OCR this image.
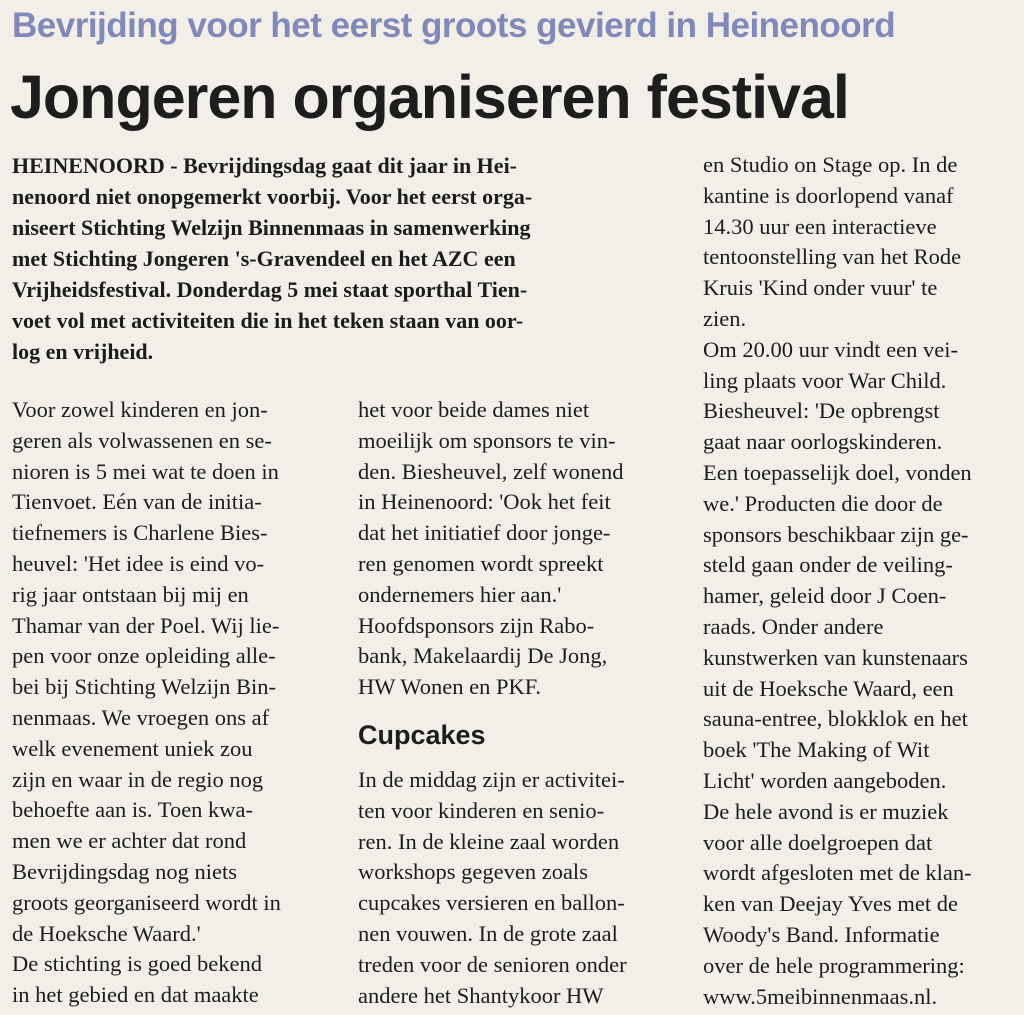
Bevrijding voor het eerst groots gevierd in Heinenoord
Jongeren organiseren festival

HEINENOORD - Bevrijdingsdag gaat dit jaar in Hei-
nenoord niet onopgemerkt voorbij. Voor het eerst orga-
niseert Stichting Welzijn Binnenmaas in samenwerking
met Stichting Jongeren 's-Gravendeel en het AZC een
Vrijheidsfestival. Donderdag 5 mei staat sporthal Tien-
voet vol met activiteiten die in het teken staan van oor-
log en vrijheid.

Voor zowel kinderen en jon-
geren als volwassenen en se-
nioren is 5 mei wat te doen in
Tienvoet. Eén van de initia-
tiefnemers is Charlene Bies-
heuvel: 'Het idee is eind vo-
rig jaar ontstaan bij mij en
Thamar van der Poel. Wij lie-
pen voor onze opleiding alle-
bei bij Stichting Welzijn Bin-
nenmaas. We vroegen ons af
welk evenement uniek zou
zijn en waar in de regio nog
behoefte aan is. Toen kwa-
men we er achter dat rond
Bevrijdingsdag nog niets
groots georganiseerd wordt in
de Hoeksche Waard.'
De stichting is goed bekend
in het gebied en dat maakte

het voor beide dames niet
moeilijk om sponsors te vin-
den. Biesheuvel, zelf wonend
in Heinenoord: 'Ook het feit
dat het initiatief door jonge-
ren genomen wordt spreekt
ondernemers hier aan.'
Hoofdsponsors zijn Rabo-
bank, Makelaardij De Jong,
HW Wonen en PKF.

Cupcakes

In de middag zijn er activitei-
ten voor kinderen en senio-
ren. In de kleine zaal worden
workshops gegeven zoals
cupcakes versieren en ballon-
nen vouwen. In de grote zaal
treden voor de senioren onder
andere het Shantykoor HW

en Studio on Stage op. In de
kantine is doorlopend vanaf
14.30 uur een interactieve
tentoonstelling van het Rode
Kruis 'Kind onder vuur' te
zien.
Om 20.00 uur vindt een vei-
ling plaats voor War Child.
Biesheuvel: 'De opbrengst
gaat naar oorlogskinderen.
Een toepasselijk doel, vonden
we.' Producten die door de
sponsors beschikbaar zijn ge-
steld gaan onder de veiling-
hamer, geleid door J Coen-
raads. Onder andere
kunstwerken van kunstenaars
uit de Hoeksche Waard, een
sauna-entree, blokklok en het
boek 'The Making of Wit
Licht' worden aangeboden.
De hele avond is er muziek
voor alle doelgroepen dat
wordt afgesloten met de klan-
ken van Deejay Yves met de
Woody's Band. Informatie
over de hele programmering:
www.5meibinnenmaas.nl.
